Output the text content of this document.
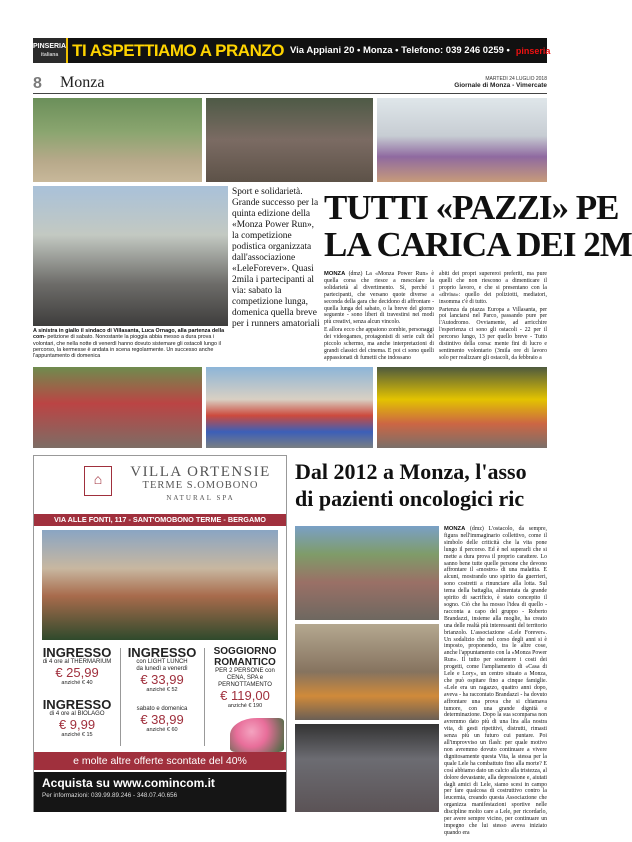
PINSERIA
italiana TI ASPETTIAMO A PRANZO Via Appiani 20 • Monza • Telefono: 039 246 0259 • pinseriaitaliana.it
8 Monza	MARTEDI 24 LUGLIO 2018
Giornale di Monza - Vimercate
A sinistra in giallo il sindaco di Villasanta, Luca Ornago, alla partenza della com- petizione di sabato. Nonostante la pioggia abbia messo a dura prova i volontari, che nella notte di venerdì hanno dovuto sistemare gli ostacoli lungo il percorso, la kermesse è andata in scena regolarmente. Un successo anche l'appuntamento di domenica
Sport e solidarietà. Grande successo per la quinta edizione della «Monza Power Run», la competizione podistica organizzata dall'associazione «LeleForever». Quasi 2mila i partecipanti al via: sabato la competizione lunga, domenica quella breve per i runners amatoriali
TUTTI «PAZZI» PE
LA CARICA DEI 2M

MONZA (dmz) La «Monza Power Run» è quella corsa che riesce a mescolare la solidarietà al divertimento. Sì, perché i partecipanti, che versano quote diverse a seconda della gara che decidono di affrontare - quella lunga del sabato, o la breve del giorno seguente - sono liberi di travestirsi nei modi più creativi, senza alcun vincolo.

E allora ecco che appaiono zombie, personaggi dei videogames, protagonisti di serie cult del piccolo schermo, ma anche interpretazioni di grandi classici del cinema. E poi ci sono quelli appassionati di fumetti che indossano

abiti dei propri supereroi preferiti, ma pure quelli che non riescono a dimenticare il proprio lavoro, e che si presentano con la «divisa»: quello dei poliziotti, mediatori, insomma c'è di tutto.

Partenza da piazza Europa a Villasanta, per poi lanciarsi nel Parco, passando pure per l'Autodromo. Ovviamente, ad arricchire l'esperienza ci sono gli ostacoli - 22 per il percorso lungo, 13 per quello breve - Tutto distintivo della corsa: mente fini di lucro e sentimento volontario (3mila ore di lavoro solo per realizzare gli ostacoli, da febbraio a

⌂
VILLA ORTENSIE
TERME S.OMOBONO
NATURAL SPA
VIA ALLE FONTI, 117 - SANT'OMOBONO TERME - BERGAMO
INGRESSO
di 4 ore al THERMARIUM
€ 25,99
anziché € 40
INGRESSO
di 4 ore al BIOLAGO
€ 9,99
anziché € 15
INGRESSO
con LIGHT LUNCH
da lunedì a venerdì
€ 33,99
anziché € 52
sabato e domenica
€ 38,99
anziché € 60
SOGGIORNO ROMANTICO
PER 2 PERSONE con CENA, SPA e PERNOTTAMENTO
€ 119,00
anziché € 190
e molte altre offerte scontate del 40%
Acquista su www.comincom.it
Per informazioni: 039.99.89.246 - 348.07.40.656
Dal 2012 a Monza, l'asso
di pazienti oncologici ric

MONZA (dmz) L'ostacolo, da sempre, figura nell'immaginario collettivo, come il simbolo delle criticità che la vita pone lungo il percorso. Ed è nel superarli che si mette a dura prova il proprio carattere. Lo sanno bene tutte quelle persone che devono affrontare il «mostro» di una malattia. E alcuni, mostrando uno spirito da guerrieri, sono costretti a rinunciare alla lotta. Sul tema della battaglia, alimentata da grande spirito di sacrificio, è stato concepito il sogno. Ciò che ha mosso l'idea di quello - racconta a capo del gruppo - Roberto Brandazzi, insieme alla moglie, ha creato una delle realtà più interessanti del territorio brianzolo. L'associazione «Lele Forever». Un sodalizio che nel corso degli anni si è imposto, proponendo, tra le altre cose, anche l'appuntamento con la «Monza Power Run». Il tutto per sostenere i costi dei progetti, come l'ampliamento di «Casa di Lele e Lory», un centro situato a Monza, che può ospitare fino a cinque famiglie. «Lele era un ragazzo, quattro anni dopo, aveva - ha raccontato Brandazzi - ha dovuto affrontare una prova che si chiamava tumore, con una grande dignità e determinazione. Dopo la sua scomparsa non avremmo dato più di una lira alla nostra vita, di gesti ripetitivi, distrutti, rimasti senza più un futuro cui puntare. Poi all'improvviso un flash: per quale motivo non avremmo dovuto continuare a vivere dignitosamente questa Vita, la stessa per la quale Lele ha combattuto fino alla morte? E così abbiamo dato un calcio alla tristezza, al dolore devastante, alla depressione e, aiutati dagli amici di Lele, siamo scesi in campo per fare qualcosa di costruttivo contro la leucemia, creando questa Associazione che organizza manifestazioni sportive nelle discipline molto care a Lele, per ricordarlo, per avere sempre vicino, per continuare un impegno che lui stesso aveva iniziato quando era
